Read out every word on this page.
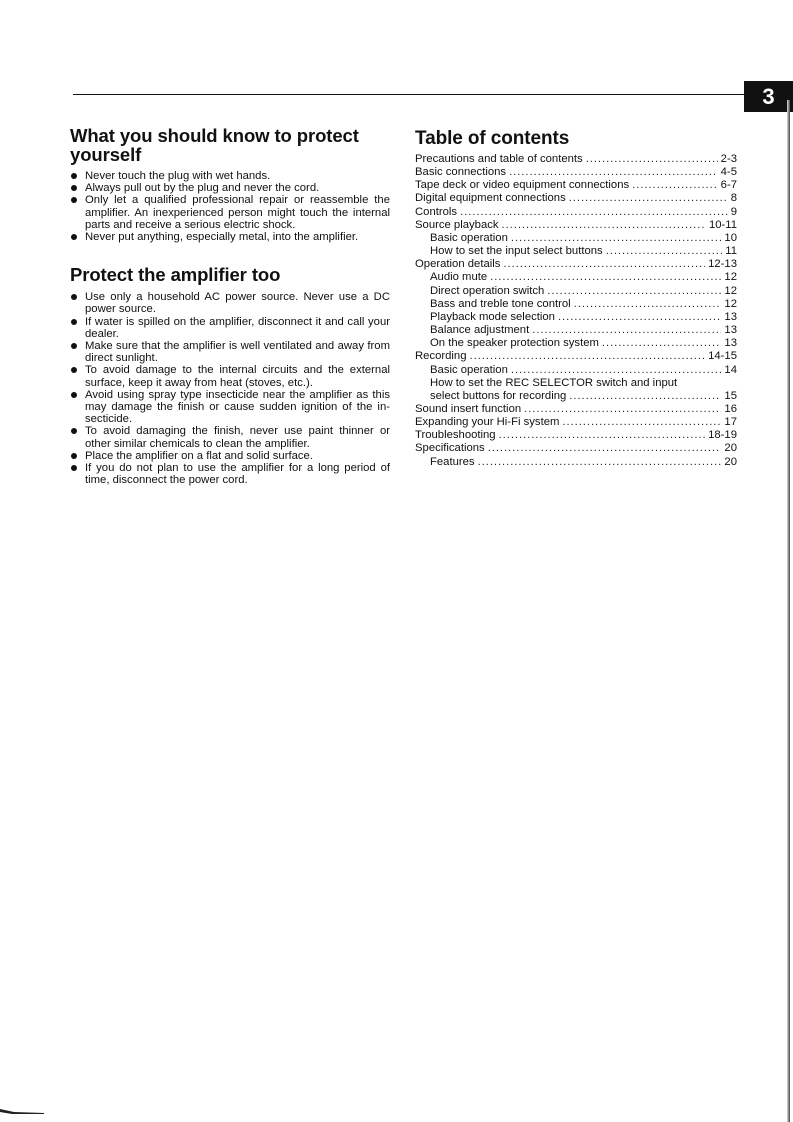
3
What you should know to protect yourself
Never touch the plug with wet hands.
Always pull out by the plug and never the cord.
Only let a qualified professional repair or reassemble the amplifier. An inexperienced person might touch the internal parts and receive a serious electric shock.
Never put anything, especially metal, into the amplifier.
Protect the amplifier too
Use only a household AC power source. Never use a DC power source.
If water is spilled on the amplifier, disconnect it and call your dealer.
Make sure that the amplifier is well ventilated and away from direct sunlight.
To avoid damage to the internal circuits and the external surface, keep it away from heat (stoves, etc.).
Avoid using spray type insecticide near the amplifier as this may damage the finish or cause sudden ignition of the in-secticide.
To avoid damaging the finish, never use paint thinner or other similar chemicals to clean the amplifier.
Place the amplifier on a flat and solid surface.
If you do not plan to use the amplifier for a long period of time, disconnect the power cord.
Table of contents
Precautions and table of contents . . .	2-3
Basic connections . . .	4-5
Tape deck or video equipment connections . . .	6-7
Digital equipment connections . . .	8
Controls . . .	9
Source playback . . .	10-11
Basic operation . . .	10
How to set the input select buttons . . .	11
Operation details . . .	12-13
Audio mute . . .	12
Direct operation switch . . .	12
Bass and treble tone control . . .	12
Playback mode selection . . .	13
Balance adjustment . . .	13
On the speaker protection system . . .	13
Recording . . .	14-15
Basic operation . . .	14
How to set the REC SELECTOR switch and input
select buttons for recording . . .	15
Sound insert function . . .	16
Expanding your Hi-Fi system . . .	17
Troubleshooting . . .	18-19
Specifications . . .	20
Features . . .	20
